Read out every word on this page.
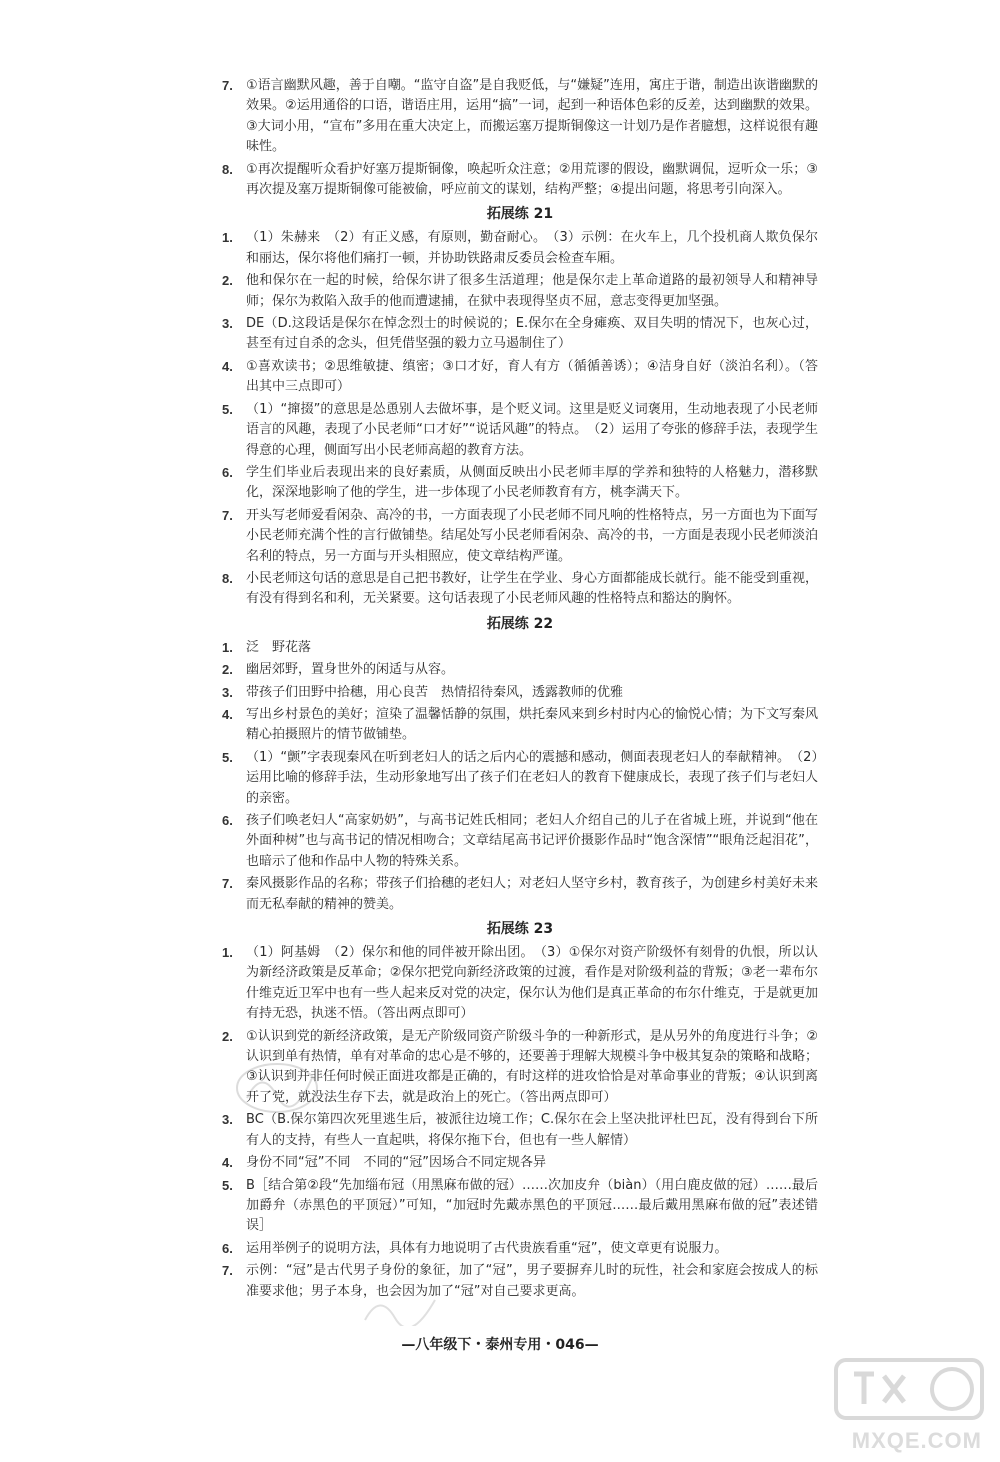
7.	①语言幽默风趣，善于自嘲。“监守自盗”是自我贬低，与“嫌疑”连用，寓庄于谐，制造出诙谐幽默的效果。②运用通俗的口语，谐语庄用，运用“搞”一词，起到一种语体色彩的反差，达到幽默的效果。③大词小用，“宣布”多用在重大决定上，而搬运塞万提斯铜像这一计划乃是作者臆想，这样说很有趣味性。
8.	①再次提醒听众看护好塞万提斯铜像，唤起听众注意；②用荒谬的假设，幽默调侃，逗听众一乐；③再次提及塞万提斯铜像可能被偷，呼应前文的谋划，结构严整；④提出问题，将思考引向深入。
拓展练 21
1.	（1）朱赫来　（2）有正义感，有原则，勤奋耐心。　（3）示例：在火车上，几个投机商人欺负保尔和丽达，保尔将他们痛打一顿，并协助铁路肃反委员会检查车厢。
2.	他和保尔在一起的时候，给保尔讲了很多生活道理；他是保尔走上革命道路的最初领导人和精神导师；保尔为救陷入敌手的他而遭逮捕，在狱中表现得坚贞不屈，意志变得更加坚强。
3.	DE（D.这段话是保尔在悼念烈士的时候说的；E.保尔在全身瘫痪、双目失明的情况下，也灰心过，甚至有过自杀的念头，但凭借坚强的毅力立马遏制住了）
4.	①喜欢读书；②思维敏捷、缜密；③口才好，育人有方（循循善诱）；④洁身自好（淡泊名利）。（答出其中三点即可）
5.	（1）“撺掇”的意思是怂恿别人去做坏事，是个贬义词。这里是贬义词褒用，生动地表现了小民老师语言的风趣，表现了小民老师“口才好”“说话风趣”的特点。　（2）运用了夸张的修辞手法，表现学生得意的心理，侧面写出小民老师高超的教育方法。
6.	学生们毕业后表现出来的良好素质，从侧面反映出小民老师丰厚的学养和独特的人格魅力，潜移默化，深深地影响了他的学生，进一步体现了小民老师教育有方，桃李满天下。
7.	开头写老师爱看闲杂、高冷的书，一方面表现了小民老师不同凡响的性格特点，另一方面也为下面写小民老师充满个性的言行做铺垫。结尾处写小民老师看闲杂、高冷的书，一方面是表现小民老师淡泊名利的特点，另一方面与开头相照应，使文章结构严谨。
8.	小民老师这句话的意思是自己把书教好，让学生在学业、身心方面都能成长就行。能不能受到重视，有没有得到名和利，无关紧要。这句话表现了小民老师风趣的性格特点和豁达的胸怀。
拓展练 22
1.	泛　野花落
2.	幽居郊野，置身世外的闲适与从容。
3.	带孩子们田野中拾穗，用心良苦　热情招待秦风，透露教师的优雅
4.	写出乡村景色的美好；渲染了温馨恬静的氛围，烘托秦风来到乡村时内心的愉悦心情；为下文写秦风精心拍摄照片的情节做铺垫。
5.	（1）“颤”字表现秦风在听到老妇人的话之后内心的震撼和感动，侧面表现老妇人的奉献精神。　（2）运用比喻的修辞手法，生动形象地写出了孩子们在老妇人的教育下健康成长，表现了孩子们与老妇人的亲密。
6.	孩子们唤老妇人“高家奶奶”，与高书记姓氏相同；老妇人介绍自己的儿子在省城上班，并说到“他在外面种树”也与高书记的情况相吻合；文章结尾高书记评价摄影作品时“饱含深情”“眼角泛起泪花”，也暗示了他和作品中人物的特殊关系。
7.	秦风摄影作品的名称；带孩子们拾穗的老妇人；对老妇人坚守乡村，教育孩子，为创建乡村美好未来而无私奉献的精神的赞美。
拓展练 23
1.	（1）阿基姆　（2）保尔和他的同伴被开除出团。　（3）①保尔对资产阶级怀有刻骨的仇恨，所以认为新经济政策是反革命；②保尔把党向新经济政策的过渡，看作是对阶级利益的背叛；③老一辈布尔什维克近卫军中也有一些人起来反对党的决定，保尔认为他们是真正革命的布尔什维克，于是就更加有持无恐，执迷不悟。（答出两点即可）
2.	①认识到党的新经济政策，是无产阶级同资产阶级斗争的一种新形式，是从另外的角度进行斗争；②认识到单有热情，单有对革命的忠心是不够的，还要善于理解大规模斗争中极其复杂的策略和战略；③认识到并非任何时候正面进攻都是正确的，有时这样的进攻恰恰是对革命事业的背叛；④认识到离开了党，就没法生存下去，就是政治上的死亡。（答出两点即可）
3.	BC（B.保尔第四次死里逃生后，被派往边境工作；C.保尔在会上坚决批评杜巴瓦，没有得到台下所有人的支持，有些人一直起哄，将保尔拖下台，但也有一些人解情）
4.	身份不同“冠”不同　不同的“冠”因场合不同定规各异
5.	B［结合第②段“先加缁布冠（用黑麻布做的冠）……次加皮弁（biàn）（用白鹿皮做的冠）……最后加爵弁（赤黑色的平顶冠）”可知，“加冠时先戴赤黑色的平顶冠……最后戴用黑麻布做的冠”表述错误］
6.	运用举例子的说明方法，具体有力地说明了古代贵族看重“冠”，使文章更有说服力。
7.	示例：“冠”是古代男子身份的象征，加了“冠”，男子要摒弃儿时的玩性，社会和家庭会按成人的标准要求他；男子本身，也会因为加了“冠”对自己要求更高。
—八年级下・泰州专用・046—
MXQE.COM
